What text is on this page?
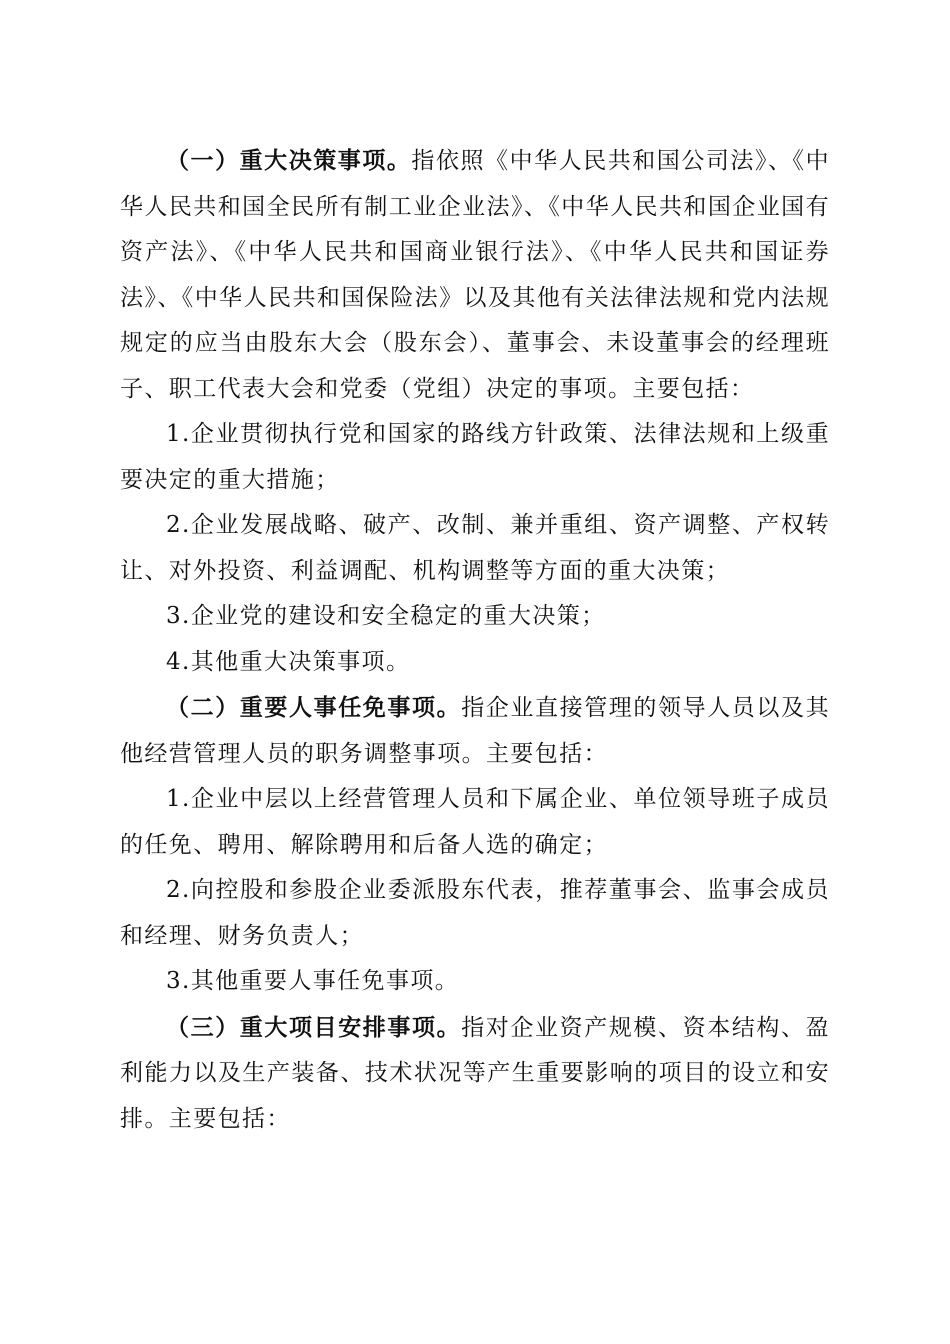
（一）重大决策事项。指依照《中华人民共和国公司法》、《中华人民共和国全民所有制工业企业法》、《中华人民共和国企业国有资产法》、《中华人民共和国商业银行法》、《中华人民共和国证券法》、《中华人民共和国保险法》以及其他有关法律法规和党内法规规定的应当由股东大会（股东会）、董事会、未设董事会的经理班子、职工代表大会和党委（党组）决定的事项。主要包括：

1.企业贯彻执行党和国家的路线方针政策、法律法规和上级重要决定的重大措施；

2.企业发展战略、破产、改制、兼并重组、资产调整、产权转让、对外投资、利益调配、机构调整等方面的重大决策；

3.企业党的建设和安全稳定的重大决策；

4.其他重大决策事项。

（二）重要人事任免事项。指企业直接管理的领导人员以及其他经营管理人员的职务调整事项。主要包括：

1.企业中层以上经营管理人员和下属企业、单位领导班子成员的任免、聘用、解除聘用和后备人选的确定；

2.向控股和参股企业委派股东代表，推荐董事会、监事会成员和经理、财务负责人；

3.其他重要人事任免事项。

（三）重大项目安排事项。指对企业资产规模、资本结构、盈利能力以及生产装备、技术状况等产生重要影响的项目的设立和安排。主要包括：
